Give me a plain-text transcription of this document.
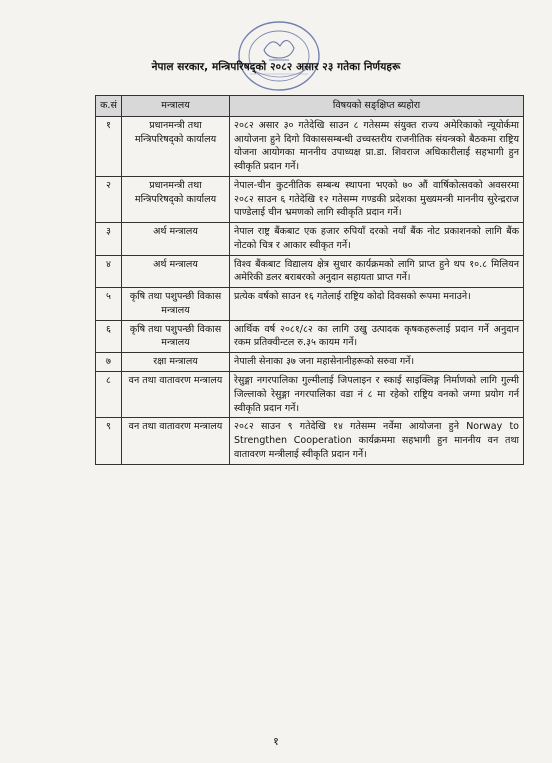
नेपाल सरकार, मन्त्रिपरिषद्‌को २०८२ असार २३ गतेका निर्णयहरू
क.सं	मन्त्रालय	विषयको सङ्क्षिप्त ब्यहोरा
१	प्रधानमन्त्री तथा मन्त्रिपरिषद्‌को कार्यालय	२०८२ असार ३० गतेदेखि साउन ८ गतेसम्म संयुक्त राज्य अमेरिकाको न्यूयोर्कमा आयोजना हुने दिगो विकाससम्बन्धी उच्चस्तरीय राजनीतिक संयन्त्रको बैठकमा राष्ट्रिय योजना आयोगका माननीय उपाध्यक्ष प्रा.डा. शिवराज अधिकारीलाई सहभागी हुन स्वीकृति प्रदान गर्ने।
२	प्रधानमन्त्री तथा मन्त्रिपरिषद्‌को कार्यालय	नेपाल-चीन कुटनीतिक सम्बन्ध स्थापना भएको ७० औं वार्षिकोत्सवको अवसरमा २०८२ साउन ६ गतेदेखि १२ गतेसम्म गण्डकी प्रदेशका मुख्यमन्त्री माननीय सुरेन्द्रराज पाण्डेलाई चीन भ्रमणको लागि स्वीकृति प्रदान गर्ने।
३	अर्थ मन्त्रालय	नेपाल राष्ट्र बैंकबाट एक हजार रुपियाँ दरको नयाँ बैंक नोट प्रकाशनको लागि बैंक नोटको चित्र र आकार स्वीकृत गर्ने।
४	अर्थ मन्त्रालय	विश्व बैंकबाट विद्यालय क्षेत्र सुधार कार्यक्रमको लागि प्राप्त हुने थप १०.८ मिलियन अमेरिकी डलर बराबरको अनुदान सहायता प्राप्त गर्ने।
५	कृषि तथा पशुपन्छी विकास मन्त्रालय	प्रत्येक वर्षको साउन १६ गतेलाई राष्ट्रिय कोदो दिवसको रूपमा मनाउने।
६	कृषि तथा पशुपन्छी विकास मन्त्रालय	आर्थिक वर्ष २०८१/८२ का लागि उखु उत्पादक कृषकहरूलाई प्रदान गर्ने अनुदान रकम प्रतिक्वीन्टल रु.३५ कायम गर्ने।
७	रक्षा मन्त्रालय	नेपाली सेनाका ३७ जना महासेनानीहरूको सरुवा गर्ने।
८	वन तथा वातावरण मन्त्रालय	रेसुङ्गा नगरपालिका गुल्मीलाई जिपलाइन र स्काई साइक्लिङ्ग निर्माणको लागि गुल्मी जिल्लाको रेसुङ्गा नगरपालिका वडा नं ८ मा रहेको राष्ट्रिय वनको जग्गा प्रयोग गर्न स्वीकृति प्रदान गर्ने।
९	वन तथा वातावरण मन्त्रालय	२०८२ साउन ९ गतेदेखि १४ गतेसम्म नर्वेमा आयोजना हुने Norway to Strengthen Cooperation कार्यक्रममा सहभागी हुन माननीय वन तथा वातावरण मन्त्रीलाई स्वीकृति प्रदान गर्ने।
१
